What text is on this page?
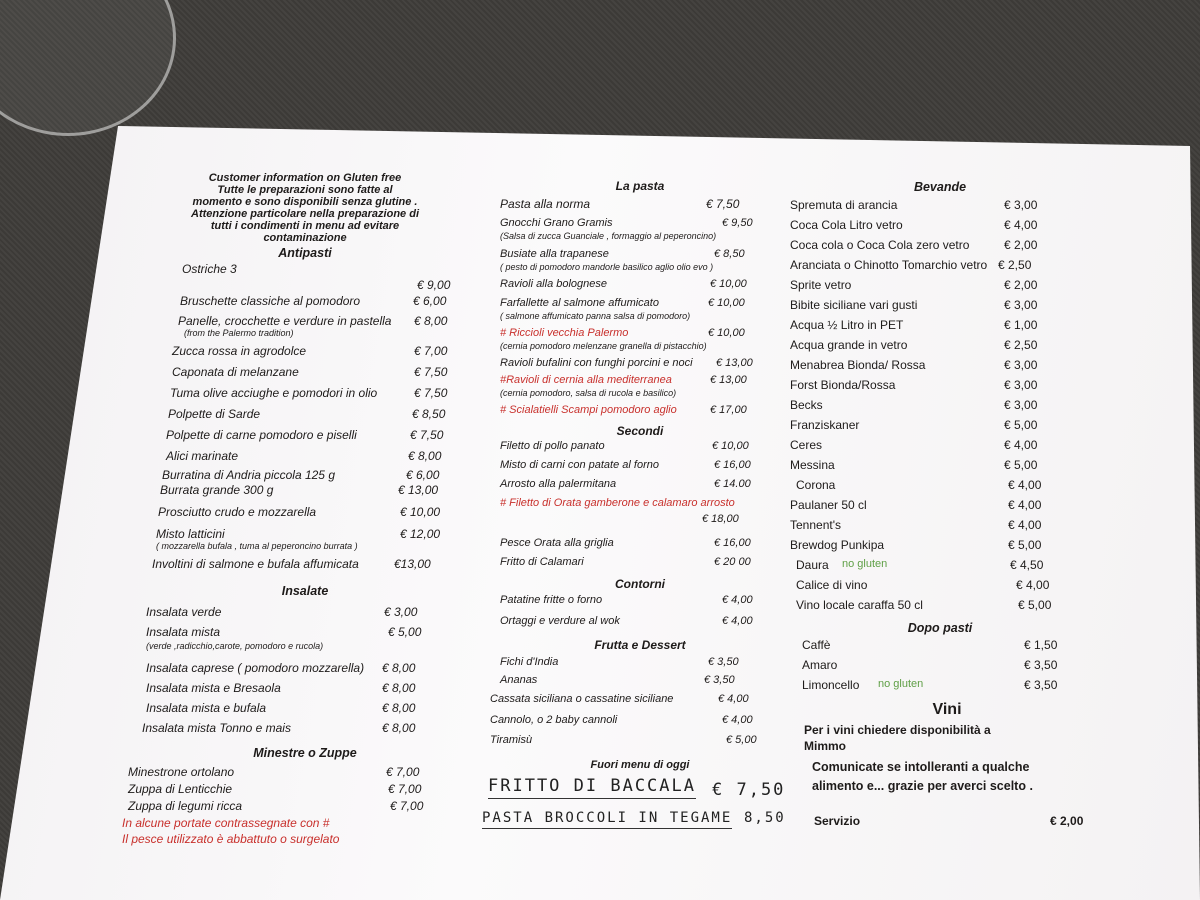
Customer information on Gluten free
Tutte le preparazioni sono fatte al
momento e sono disponibili senza glutine .
Attenzione particolare nella preparazione di
tutti i condimenti in menu ad evitare
contaminazione
Antipasti
Ostriche 3
€ 9,00
Bruschette classiche al pomodoro	€ 6,00
Panelle, crocchette e verdure in pastella € 8,00
(from the Palermo tradition)
Zucca rossa in agrodolce	€ 7,00
Caponata di melanzane	€ 7,50
Tuma olive acciughe e pomodori in olio	€ 7,50
Polpette di Sarde	€ 8,50
Polpette di carne pomodoro e piselli	€ 7,50
Alici marinate	€ 8,00
Burratina di Andria piccola 125 g	€ 6,00
Burrata grande 300 g	€ 13,00
Prosciutto crudo e mozzarella	€ 10,00
Misto latticini	€ 12,00
( mozzarella bufala , tuma al peperoncino burrata )
Involtini di salmone e bufala affumicata	€13,00
Insalate
Insalata verde	€ 3,00
Insalata mista	€ 5,00
(verde ,radicchio,carote, pomodoro e rucola)
Insalata caprese ( pomodoro mozzarella) € 8,00
Insalata mista e Bresaola	€ 8,00
Insalata mista e bufala	€ 8,00
Insalata mista Tonno e mais	€ 8,00
Minestre o Zuppe
Minestrone ortolano	€ 7,00
Zuppa di Lenticchie	€ 7,00
Zuppa di legumi ricca	€ 7,00
In alcune portate contrassegnate con #
Il pesce utilizzato è abbattuto o surgelato
La pasta
Pasta alla norma	€ 7,50
Gnocchi Grano Gramis	€ 9,50
(Salsa di zucca Guanciale , formaggio al peperoncino)
Busiate alla trapanese	€ 8,50
( pesto di pomodoro mandorle basilico aglio olio evo )
Ravioli alla bolognese	€ 10,00
Farfallette al salmone affumicato	€ 10,00
( salmone affumicato panna salsa di pomodoro)
# Riccioli vecchia Palermo	€ 10,00
(cernia pomodoro melenzane granella di pistacchio)
Ravioli bufalini con funghi porcini e noci € 13,00
#Ravioli di cernia alla mediterranea	€ 13,00
(cernia pomodoro, salsa di rucola e basilico)
# Scialatielli Scampi pomodoro aglio	€ 17,00
Secondi
Filetto di pollo panato	€ 10,00
Misto di carni con patate al forno	€ 16,00
Arrosto alla palermitana	€ 14.00
# Filetto di Orata gamberone e calamaro arrosto
€ 18,00
Pesce Orata alla griglia	€ 16,00
Fritto di Calamari	€ 20 00
Contorni
Patatine fritte o forno	€ 4,00
Ortaggi e verdure al wok	€ 4,00
Frutta e Dessert
Fichi d'India	€ 3,50
Ananas	€ 3,50
Cassata siciliana o cassatine siciliane	€ 4,00
Cannolo, o 2 baby cannoli	€ 4,00
Tiramisù	€ 5,00
Fuori menu di oggi
FRITTO DI BACCALA € 7,50
PASTA BROCCOLI IN TEGAME 8,50
Bevande
Spremuta di arancia	€ 3,00
Coca Cola Litro vetro	€ 4,00
Coca cola o Coca Cola zero vetro	€ 2,00
Aranciata o Chinotto Tomarchio vetro € 2,50
Sprite vetro	€ 2,00
Bibite siciliane vari gusti	€ 3,00
Acqua ½ Litro in PET	€ 1,00
Acqua grande in vetro	€ 2,50
Menabrea Bionda/ Rossa	€ 3,00
Forst Bionda/Rossa	€ 3,00
Becks	€ 3,00
Franziskaner	€ 5,00
Ceres	€ 4,00
Messina	€ 5,00
Corona	€ 4,00
Paulaner 50 cl	€ 4,00
Tennent's	€ 4,00
Brewdog Punkipa	€ 5,00
Daura no gluten	€ 4,50
Calice di vino	€ 4,00
Vino locale caraffa 50 cl	€ 5,00
Dopo pasti
Caffè	€ 1,50
Amaro	€ 3,50
Limoncello no gluten	€ 3,50
Vini
Per i vini chiedere disponibilità a
Mimmo
Comunicate se intolleranti a qualche
alimento e... grazie per averci scelto .
Servizio	€ 2,00
